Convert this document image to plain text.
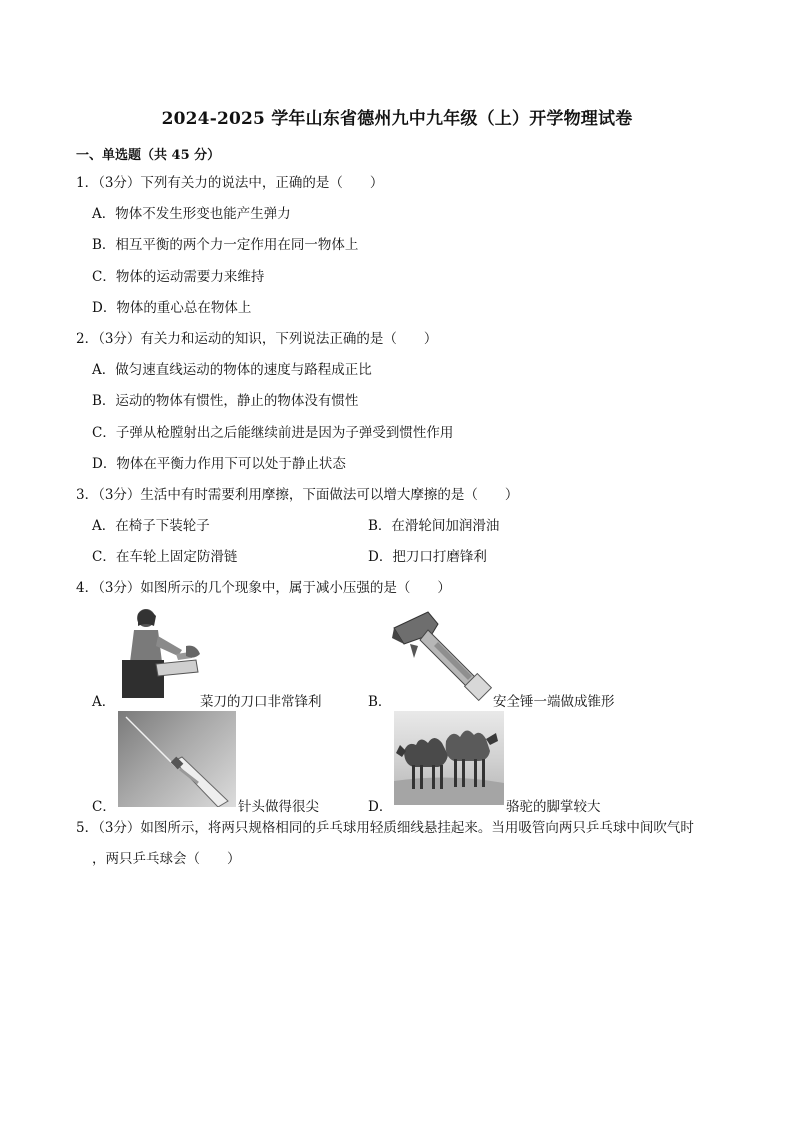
2024-2025 学年山东省德州九中九年级（上）开学物理试卷
一、单选题（共 45 分）
1．（3分）下列有关力的说法中，正确的是（　　）
A．物体不发生形变也能产生弹力
B．相互平衡的两个力一定作用在同一物体上
C．物体的运动需要力来维持
D．物体的重心总在物体上
2．（3分）有关力和运动的知识，下列说法正确的是（　　）
A．做匀速直线运动的物体的速度与路程成正比
B．运动的物体有惯性，静止的物体没有惯性
C．子弹从枪膛射出之后能继续前进是因为子弹受到惯性作用
D．物体在平衡力作用下可以处于静止状态
3．（3分）生活中有时需要利用摩擦，下面做法可以增大摩擦的是（　　）
A．在椅子下装轮子	B．在滑轮间加润滑油
C．在车轮上固定防滑链	D．把刀口打磨锋利
4．（3分）如图所示的几个现象中，属于减小压强的是（　　）
A．	菜刀的刀口非常锋利	B．	安全锤一端做成锥形
C．	针头做得很尖	D．	骆驼的脚掌较大
5．（3分）如图所示，将两只规格相同的乒乓球用轻质细线悬挂起来。当用吸管向两只乒乓球中间吹气时
，两只乒乓球会（　　）
